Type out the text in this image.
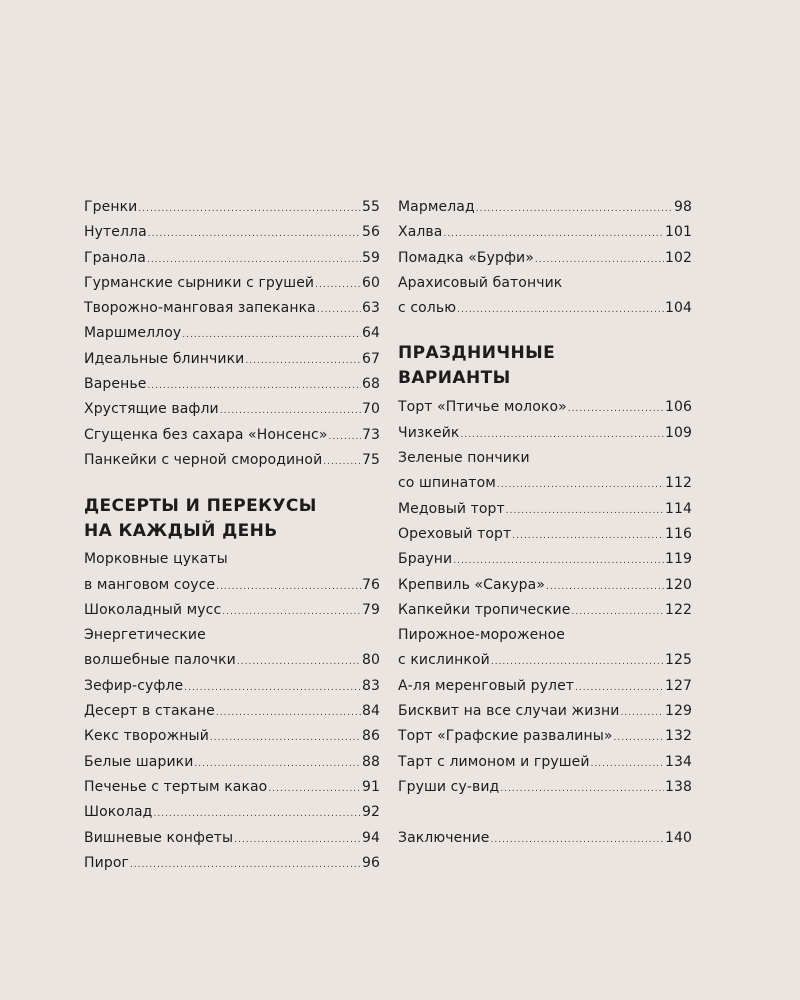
Гренки .....	55
Нутелла .....	56
Гранола .....	59
Гурманские сырники с грушей .....	60
Творожно-манговая запеканка .....	63
Маршмеллоу .....	64
Идеальные блинчики .....	67
Варенье .....	68
Хрустящие вафли .....	70
Сгущенка без сахара «Нонсенс» ..... 73
Панкейки с черной смородиной .....	75
ДЕСЕРТЫ И ПЕРЕКУСЫ
НА КАЖДЫЙ ДЕНЬ
Морковные цукаты
в манговом соусе .....	76
Шоколадный мусс .....	79
Энергетические
волшебные палочки .....	80
Зефир-суфле .....	83
Десерт в стакане .....	84
Кекс творожный .....	86
Белые шарики .....	88
Печенье с тертым какао .....	91
Шоколад .....	92
Вишневые конфеты .....	94
Пирог .....	96
Мармелад .....	98
Халва .....	101
Помадка «Бурфи» .....	102
Арахисовый батончик
с солью .....	104
ПРАЗДНИЧНЫЕ
ВАРИАНТЫ
Торт «Птичье молоко» .....	106
Чизкейк .....	109
Зеленые пончики
со шпинатом .....	112
Медовый торт .....	114
Ореховый торт .....	116
Брауни .....	119
Крепвиль «Сакура» .....	120
Капкейки тропические .....	122
Пирожное-мороженое
с кислинкой .....	125
А-ля меренговый рулет .....	127
Бисквит на все случаи жизни .....	129
Торт «Графские развалины» .....	132
Тарт с лимоном и грушей .....	134
Груши су-вид .....	138
Заключение .....	140
